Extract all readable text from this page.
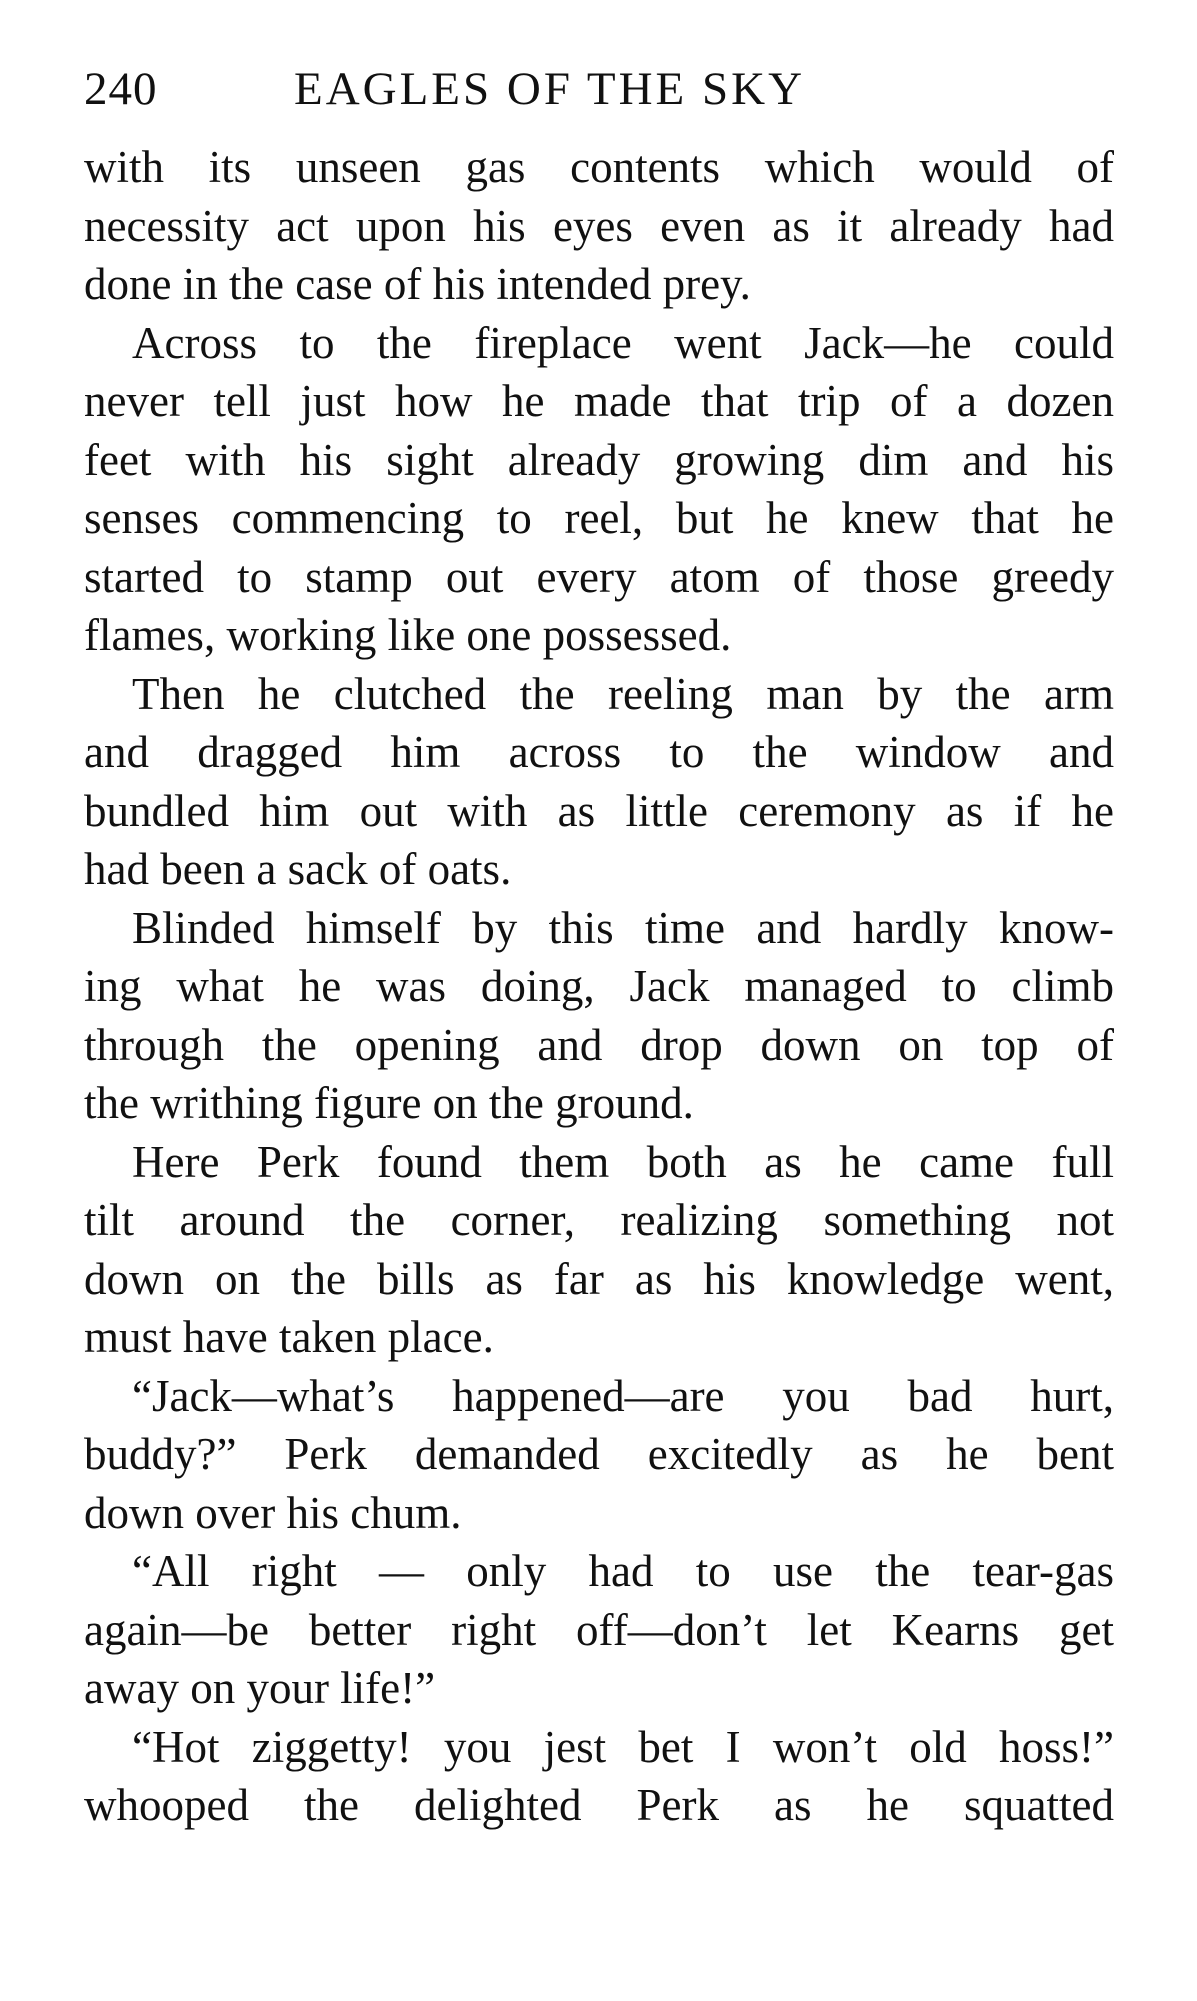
240	EAGLES OF THE SKY
with its unseen gas contents which would of
necessity act upon his eyes even as it already had
done in the case of his intended prey.
Across to the fireplace went Jack—he could
never tell just how he made that trip of a dozen
feet with his sight already growing dim and his
senses commencing to reel, but he knew that he
started to stamp out every atom of those greedy
flames, working like one possessed.
Then he clutched the reeling man by the arm
and dragged him across to the window and
bundled him out with as little ceremony as if he
had been a sack of oats.
Blinded himself by this time and hardly know-
ing what he was doing, Jack managed to climb
through the opening and drop down on top of
the writhing figure on the ground.
Here Perk found them both as he came full
tilt around the corner, realizing something not
down on the bills as far as his knowledge went,
must have taken place.
“Jack—what’s happened—are you bad hurt,
buddy?” Perk demanded excitedly as he bent
down over his chum.
“All right — only had to use the tear-gas
again—be better right off—don’t let Kearns get
away on your life!”
“Hot ziggetty! you jest bet I won’t old hoss!”
whooped the delighted Perk as he squatted
